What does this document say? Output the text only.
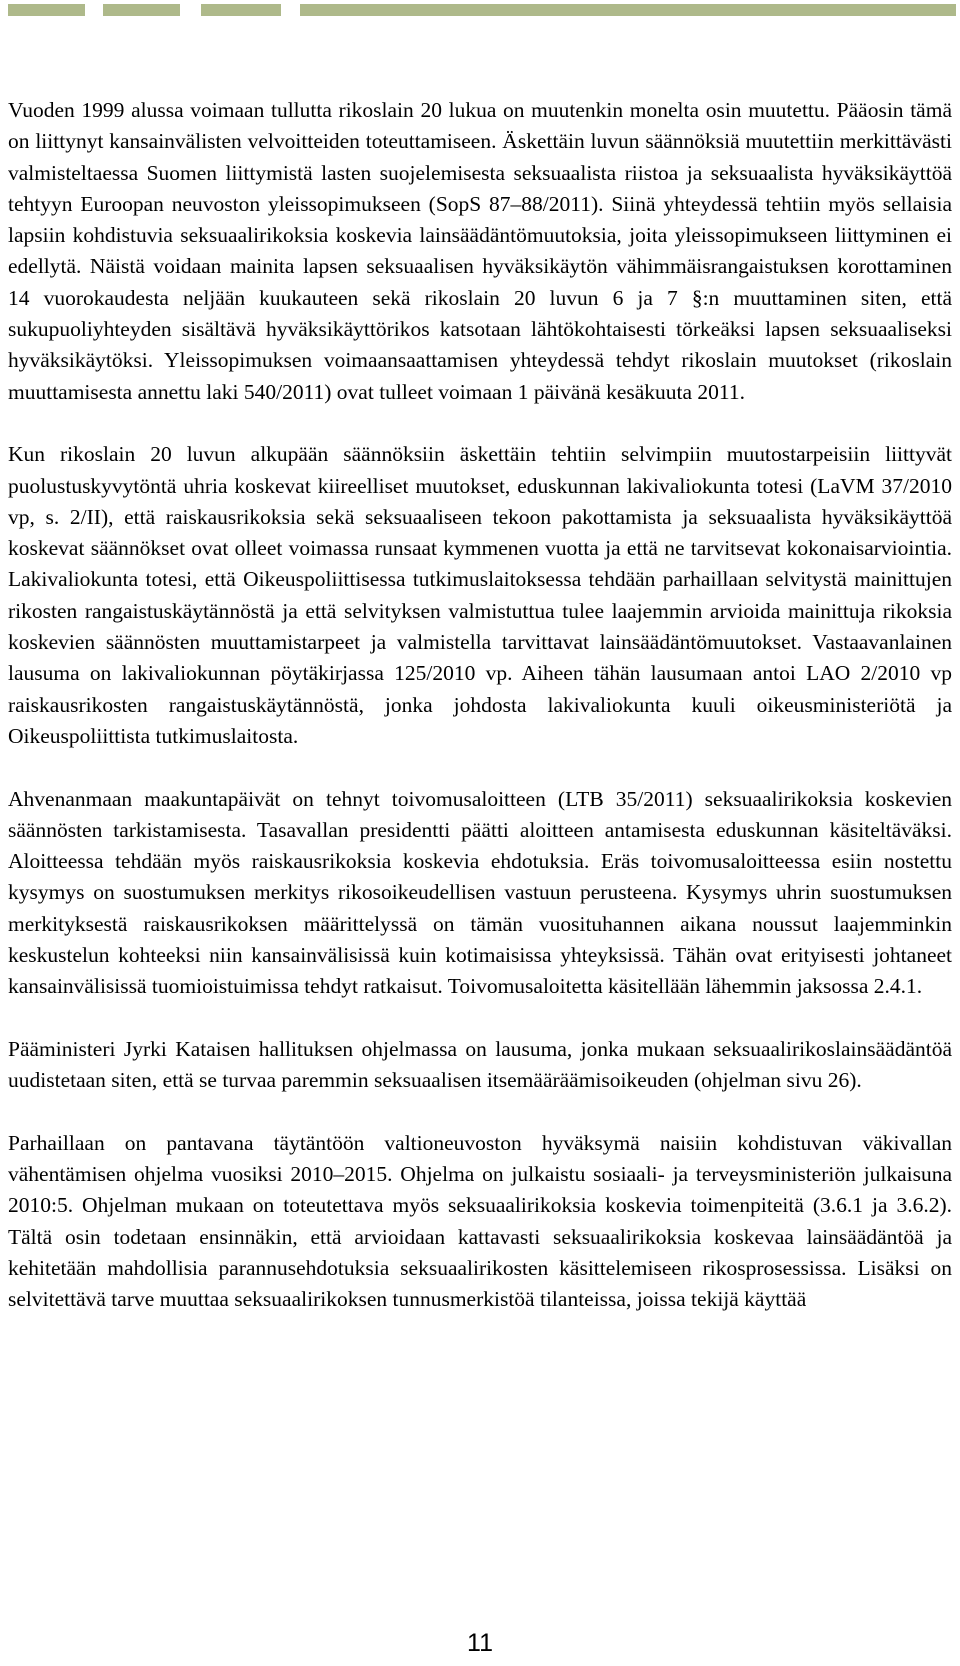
Vuoden 1999 alussa voimaan tullutta rikoslain 20 lukua on muutenkin monelta osin muutettu. Pääosin tämä on liittynyt kansainvälisten velvoitteiden toteuttamiseen. Äskettäin luvun säännöksiä muutettiin merkittävästi valmisteltaessa Suomen liittymistä lasten suojelemisesta seksuaalista riistoa ja seksuaalista hyväksikäyttöä tehtyyn Euroopan neuvoston yleissopimukseen (SopS 87–88/2011). Siinä yhteydessä tehtiin myös sellaisia lapsiin kohdistuvia seksuaalirikoksia koskevia lainsäädäntömuutoksia, joita yleissopimukseen liittyminen ei edellytä. Näistä voidaan mainita lapsen seksuaalisen hyväksikäytön vähimmäisrangaistuksen korottaminen 14 vuorokaudesta neljään kuukauteen sekä rikoslain 20 luvun 6 ja 7 §:n muuttaminen siten, että sukupuoliyhteyden sisältävä hyväksikäyttörikos katsotaan lähtökohtaisesti törkeäksi lapsen seksuaaliseksi hyväksikäytöksi. Yleissopimuksen voimaansaattamisen yhteydessä tehdyt rikoslain muutokset (rikoslain muuttamisesta annettu laki 540/2011) ovat tulleet voimaan 1 päivänä kesäkuuta 2011.

Kun rikoslain 20 luvun alkupään säännöksiin äskettäin tehtiin selvimpiin muutostarpeisiin liittyvät puolustuskyvytöntä uhria koskevat kiireelliset muutokset, eduskunnan lakivaliokunta totesi (LaVM 37/2010 vp, s. 2/II), että raiskausrikoksia sekä seksuaaliseen tekoon pakottamista ja seksuaalista hyväksikäyttöä koskevat säännökset ovat olleet voimassa runsaat kymmenen vuotta ja että ne tarvitsevat kokonaisarviointia. Lakivaliokunta totesi, että Oikeuspoliittisessa tutkimuslaitoksessa tehdään parhaillaan selvitystä mainittujen rikosten rangaistuskäytännöstä ja että selvityksen valmistuttua tulee laajemmin arvioida mainittuja rikoksia koskevien säännösten muuttamistarpeet ja valmistella tarvittavat lainsäädäntömuutokset. Vastaavanlainen lausuma on lakivaliokunnan pöytäkirjassa 125/2010 vp. Aiheen tähän lausumaan antoi LAO 2/2010 vp raiskausrikosten rangaistuskäytännöstä, jonka johdosta lakivaliokunta kuuli oikeusministeriötä ja Oikeuspoliittista tutkimuslaitosta.

Ahvenanmaan maakuntapäivät on tehnyt toivomusaloitteen (LTB 35/2011) seksuaalirikoksia koskevien säännösten tarkistamisesta. Tasavallan presidentti päätti aloitteen antamisesta eduskunnan käsiteltäväksi. Aloitteessa tehdään myös raiskausrikoksia koskevia ehdotuksia. Eräs toivomusaloitteessa esiin nostettu kysymys on suostumuksen merkitys rikosoikeudellisen vastuun perusteena. Kysymys uhrin suostumuksen merkityksestä raiskausrikoksen määrittelyssä on tämän vuosituhannen aikana noussut laajemminkin keskustelun kohteeksi niin kansainvälisissä kuin kotimaisissa yhteyksissä. Tähän ovat erityisesti johtaneet kansainvälisissä tuomioistuimissa tehdyt ratkaisut. Toivomusaloitetta käsitellään lähemmin jaksossa 2.4.1.

Pääministeri Jyrki Kataisen hallituksen ohjelmassa on lausuma, jonka mukaan seksuaalirikoslainsäädäntöä uudistetaan siten, että se turvaa paremmin seksuaalisen itsemääräämisoikeuden (ohjelman sivu 26).

Parhaillaan on pantavana täytäntöön valtioneuvoston hyväksymä naisiin kohdistuvan väkivallan vähentämisen ohjelma vuosiksi 2010–2015. Ohjelma on julkaistu sosiaali- ja terveysministeriön julkaisuna 2010:5. Ohjelman mukaan on toteutettava myös seksuaalirikoksia koskevia toimenpiteitä (3.6.1 ja 3.6.2). Tältä osin todetaan ensinnäkin, että arvioidaan kattavasti seksuaalirikoksia koskevaa lainsäädäntöä ja kehitetään mahdollisia parannusehdotuksia seksuaalirikosten käsittelemiseen rikosprosessissa. Lisäksi on selvitettävä tarve muuttaa seksuaalirikoksen tunnusmerkistöä tilanteissa, joissa tekijä käyttää

11
